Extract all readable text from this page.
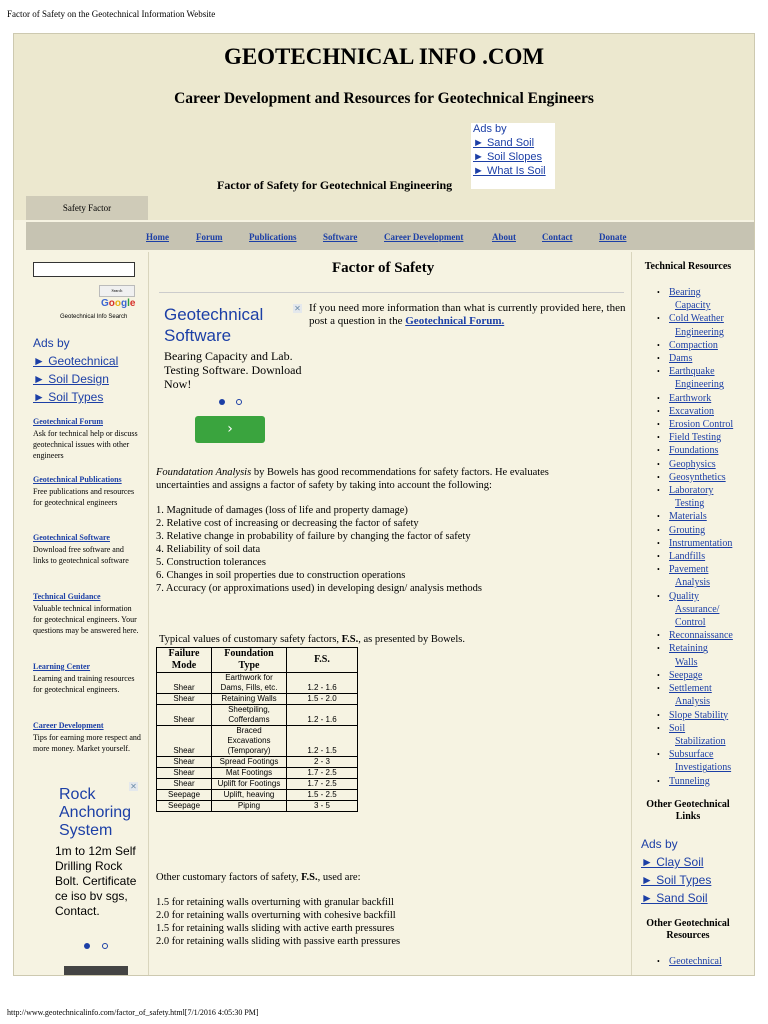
Factor of Safety on the Geotechnical Information Website
GEOTECHNICAL INFO .COM
Career Development and Resources for Geotechnical Engineers
Ads by
► Sand Soil
► Soil Slopes
► What Is Soil
Factor of Safety for Geotechnical Engineering
Safety Factor
Home	Forum	Publications	Software	Career Development	About	Contact	Donate
Search
Google
Geotechnical Info Search
Ads by
► Geotechnical
► Soil Design
► Soil Types
Geotechnical Forum
Ask for technical help or discuss geotechnical issues with other engineers
Geotechnical Publications
Free publications and resources for geotechnical engineers
Geotechnical Software
Download free software and links to geotechnical software
Technical Guidance
Valuable technical information for geotechnical engineers. Your questions may be answered here.
Learning Center
Learning and training resources for geotechnical engineers.
Career Development
Tips for earning more respect and more money. Market yourself.
✕
Rock Anchoring System
1m to 12m Self Drilling Rock Bolt. Certificate ce iso bv sgs, Contact.
Factor of Safety
Geotechnical Software
Bearing Capacity and Lab. Testing Software. Download Now!
›
✕ If you need more information than what is currently provided here, then post a question in the Geotechnical Forum.
Foundatation Analysis by Bowels has good recommendations for safety factors. He evaluates uncertainties and assigns a factor of safety by taking into account the following:
1. Magnitude of damages (loss of life and property damage)
2. Relative cost of increasing or decreasing the factor of safety
3. Relative change in probability of failure by changing the factor of safety
4. Reliability of soil data
5. Construction tolerances
6. Changes in soil properties due to construction operations
7. Accuracy (or approximations used) in developing design/ analysis methods
Typical values of customary safety factors, F.S., as presented by Bowels.
Failure Mode	Foundation Type	F.S.
Shear	Earthwork for Dams, Fills, etc.	1.2 - 1.6
Shear	Retaining Walls	1.5 - 2.0
Shear	Sheetpiling, Cofferdams	1.2 - 1.6
Shear	Braced Excavations (Temporary)	1.2 - 1.5
Shear	Spread Footings	2 - 3
Shear	Mat Footings	1.7 - 2.5
Shear	Uplift for Footings	1.7 - 2.5
Seepage	Uplift, heaving	1.5 - 2.5
Seepage	Piping	3 - 5
Other customary factors of safety, F.S., used are:
1.5 for retaining walls overturning with granular backfill
2.0 for retaining walls overturning with cohesive backfill
1.5 for retaining walls sliding with active earth pressures
2.0 for retaining walls sliding with passive earth pressures
Technical Resources
• Bearing
Capacity
• Cold Weather
Engineering
• Compaction
• Dams
• Earthquake
Engineering
• Earthwork
• Excavation
• Erosion Control
• Field Testing
• Foundations
• Geophysics
• Geosynthetics
• Laboratory
Testing
• Materials
• Grouting
• Instrumentation
• Landfills
• Pavement
Analysis
• Quality
Assurance/
Control
• Reconnaissance
• Retaining
Walls
• Seepage
• Settlement
Analysis
• Slope Stability
• Soil
Stabilization
• Subsurface
Investigations
• Tunneling
Other Geotechnical Links
Ads by
► Clay Soil
► Soil Types
► Sand Soil
Other Geotechnical Resources
• Geotechnical
http://www.geotechnicalinfo.com/factor_of_safety.html[7/1/2016 4:05:30 PM]
